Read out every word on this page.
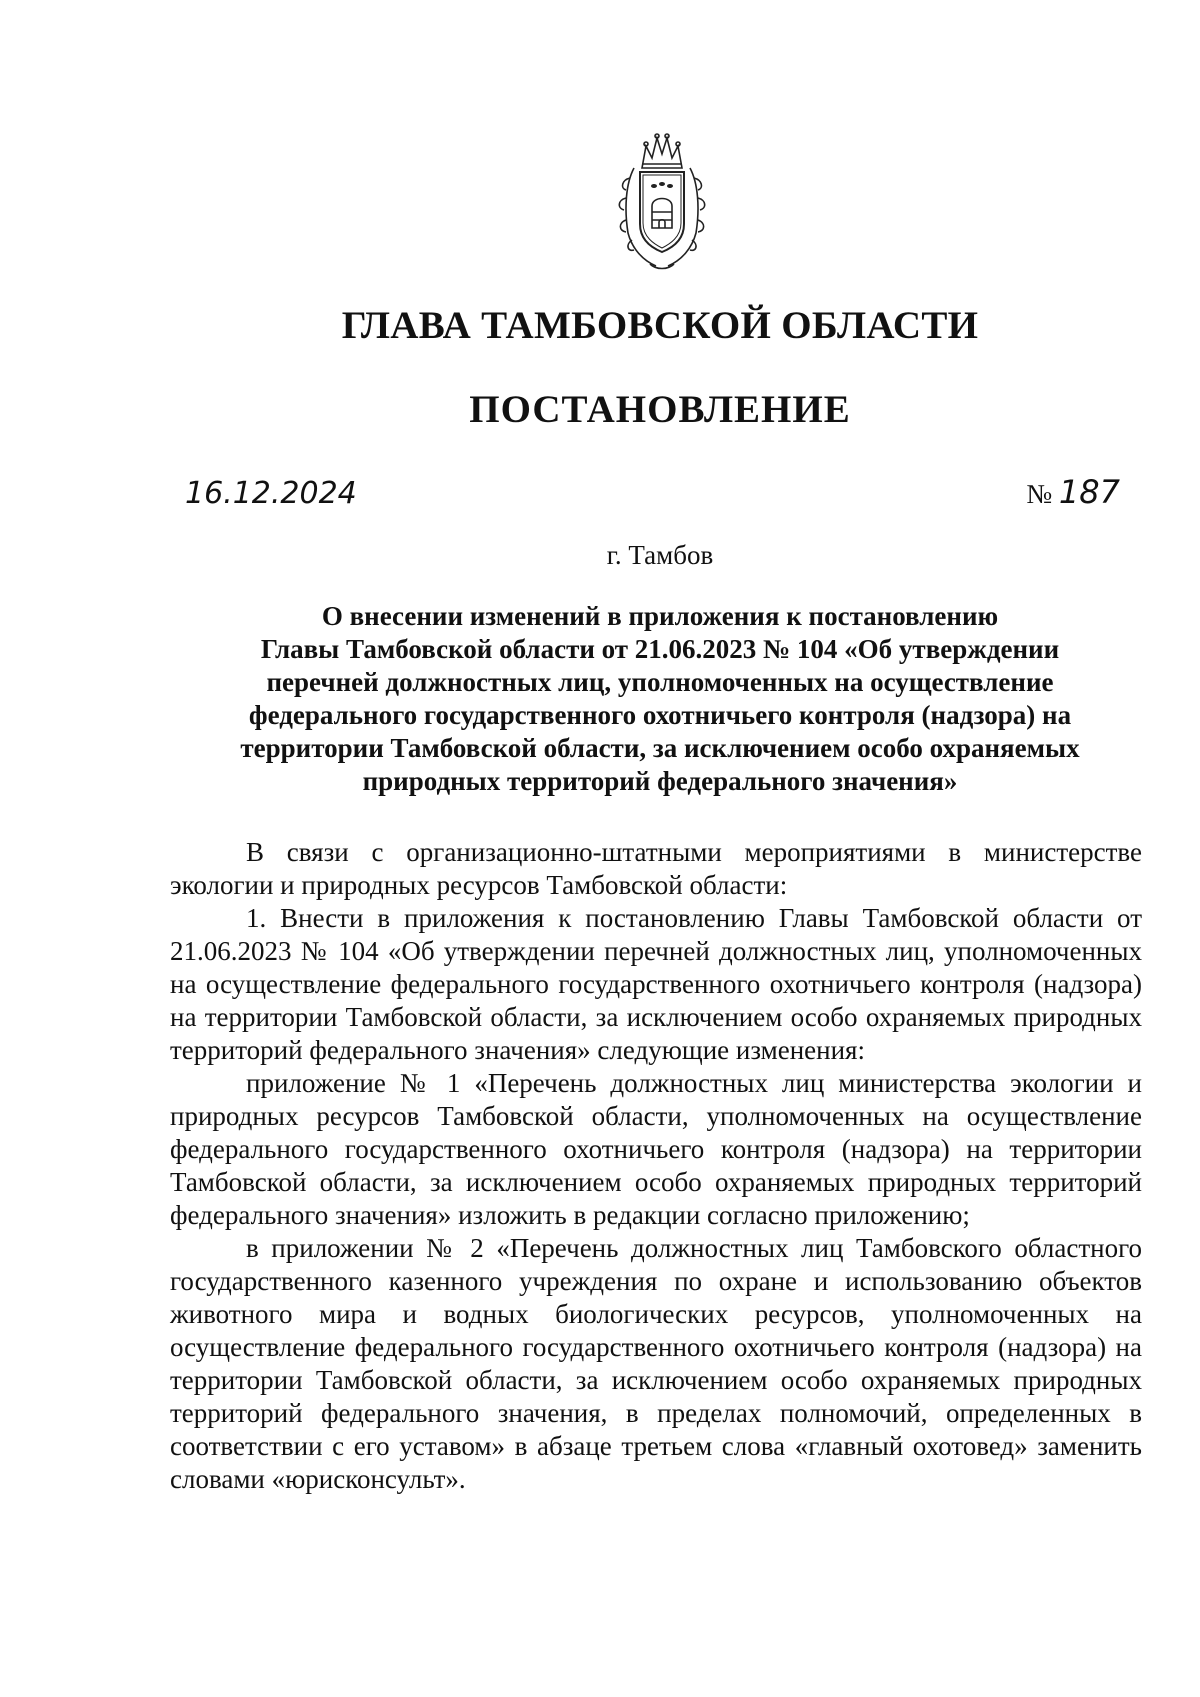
ГЛАВА ТАМБОВСКОЙ ОБЛАСТИ
ПОСТАНОВЛЕНИЕ
16.12.2024	№ 187
г. Тамбов
О внесении изменений в приложения к постановлению
Главы Тамбовской области от 21.06.2023 № 104 «Об утверждении
перечней должностных лиц, уполномоченных на осуществление
федерального государственного охотничьего контроля (надзора) на
территории Тамбовской области, за исключением особо охраняемых
природных территорий федерального значения»

В связи с организационно-штатными мероприятиями в министерстве экологии и природных ресурсов Тамбовской области:

1. Внести в приложения к постановлению Главы Тамбовской области от 21.06.2023 № 104 «Об утверждении перечней должностных лиц, уполномоченных на осуществление федерального государственного охотничьего контроля (надзора) на территории Тамбовской области, за исключением особо охраняемых природных территорий федерального значения» следующие изменения:

приложение № 1 «Перечень должностных лиц министерства экологии и природных ресурсов Тамбовской области, уполномоченных на осуществление федерального государственного охотничьего контроля (надзора) на территории Тамбовской области, за исключением особо охраняемых природных территорий федерального значения» изложить в редакции согласно приложению;

в приложении № 2 «Перечень должностных лиц Тамбовского областного государственного казенного учреждения по охране и использованию объектов животного мира и водных биологических ресурсов, уполномоченных на осуществление федерального государственного охотничьего контроля (надзора) на территории Тамбовской области, за исключением особо охраняемых природных территорий федерального значения, в пределах полномочий, определенных в соответствии с его уставом» в абзаце третьем слова «главный охотовед» заменить словами «юрисконсульт».
